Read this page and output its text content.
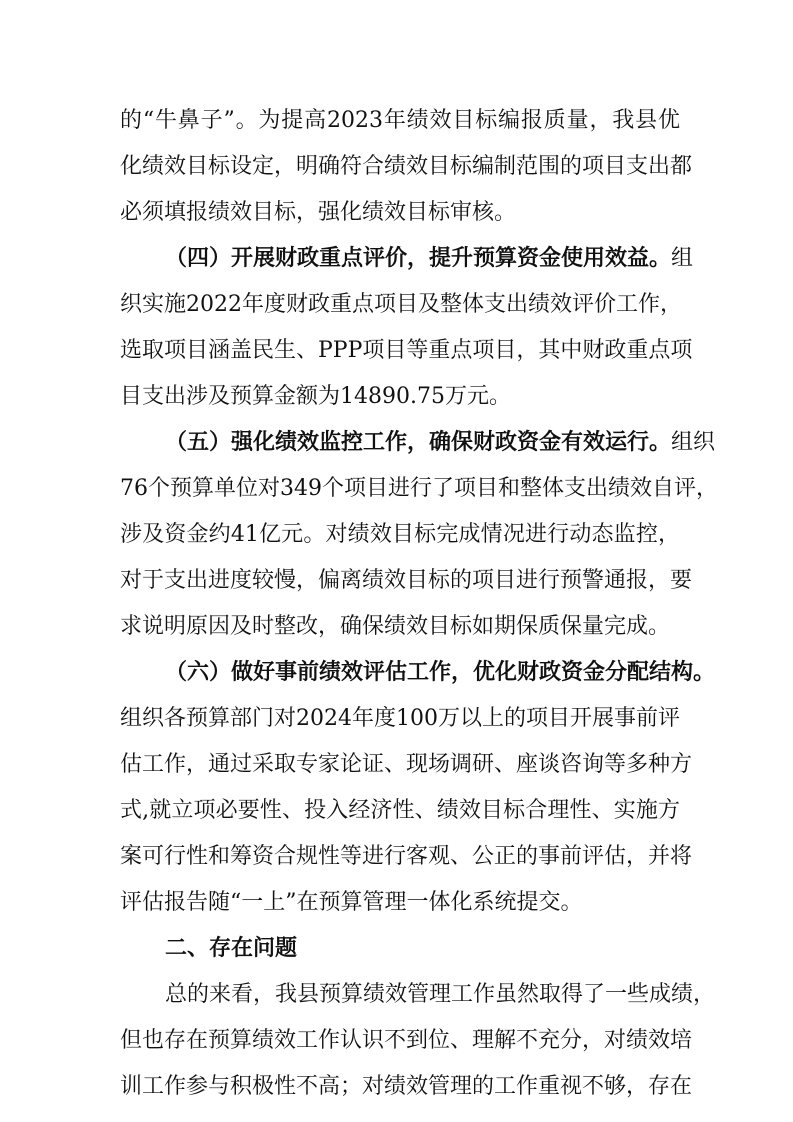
的“牛鼻子”。为提高2023年绩效目标编报质量，我县优
化绩效目标设定，明确符合绩效目标编制范围的项目支出都
必须填报绩效目标，强化绩效目标审核。
（四）开展财政重点评价，提升预算资金使用效益。组
织实施2022年度财政重点项目及整体支出绩效评价工作，
选取项目涵盖民生、PPP项目等重点项目，其中财政重点项
目支出涉及预算金额为14890.75万元。
（五）强化绩效监控工作，确保财政资金有效运行。组织
76个预算单位对349个项目进行了项目和整体支出绩效自评，
涉及资金约41亿元。对绩效目标完成情况进行动态监控，
对于支出进度较慢，偏离绩效目标的项目进行预警通报，要
求说明原因及时整改，确保绩效目标如期保质保量完成。
（六）做好事前绩效评估工作，优化财政资金分配结构。
组织各预算部门对2024年度100万以上的项目开展事前评
估工作，通过采取专家论证、现场调研、座谈咨询等多种方
式,就立项必要性、投入经济性、绩效目标合理性、实施方
案可行性和筹资合规性等进行客观、公正的事前评估，并将
评估报告随“一上”在预算管理一体化系统提交。
二、存在问题
总的来看，我县预算绩效管理工作虽然取得了一些成绩，
但也存在预算绩效工作认识不到位、理解不充分，对绩效培
训工作参与积极性不高；对绩效管理的工作重视不够，存在
